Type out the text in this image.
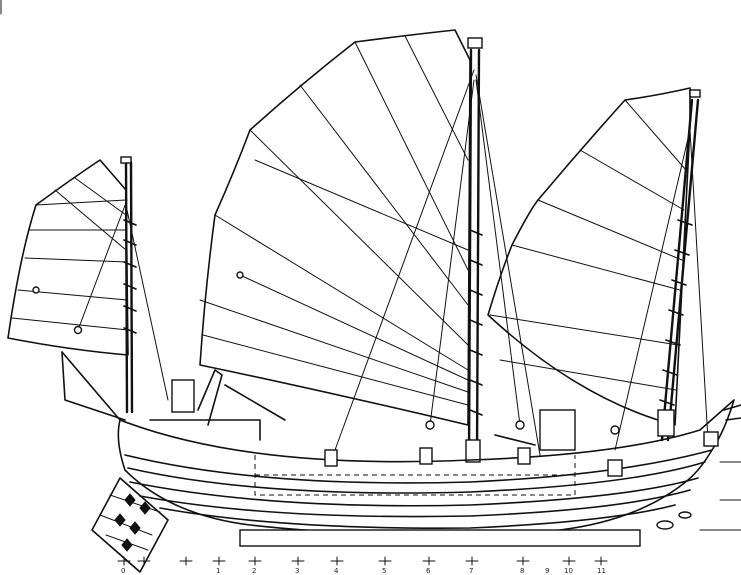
0	1	2	3	4	5	6	7	8	9 10	11
